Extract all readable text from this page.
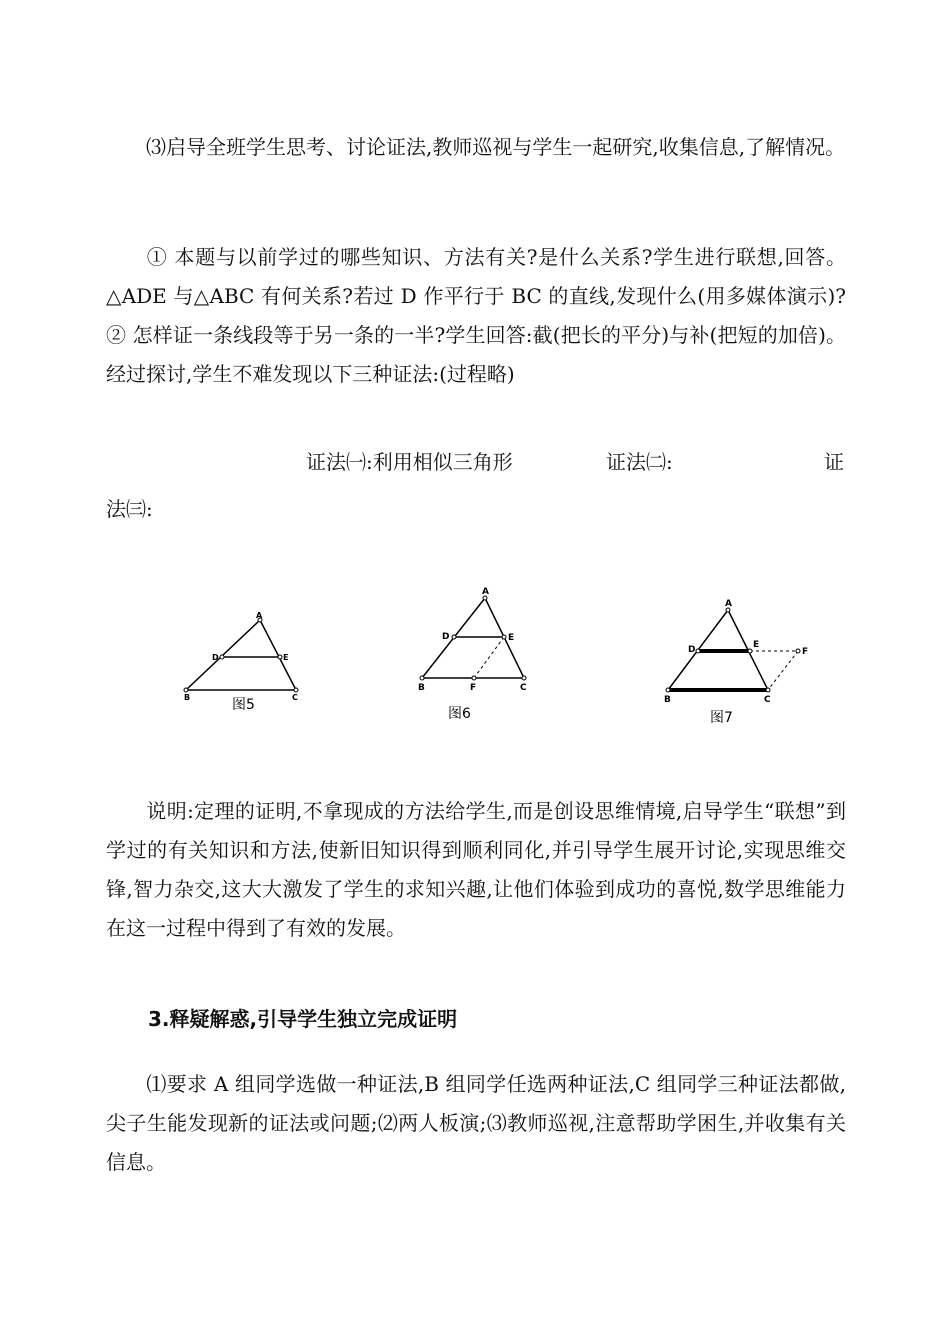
⑶启导全班学生思考、讨论证法,教师巡视与学生一起研究,收集信息,了解情况。

① 本题与以前学过的哪些知识、方法有关?是什么关系?学生进行联想,回答。△ADE 与△ABC 有何关系?若过 D 作平行于 BC 的直线,发现什么(用多媒体演示)?② 怎样证一条线段等于另一条的一半?学生回答:截(把长的平分)与补(把短的加倍)。经过探讨,学生不难发现以下三种证法:(过程略)

证法㈠:利用相似三角形	证法㈡:	证
法㈢:
A
D	E
B	C
图5
A
D	E
B	F	C
图6
A
D	E
F
B	C
图7

说明:定理的证明,不拿现成的方法给学生,而是创设思维情境,启导学生“联想”到学过的有关知识和方法,使新旧知识得到顺利同化,并引导学生展开讨论,实现思维交锋,智力杂交,这大大激发了学生的求知兴趣,让他们体验到成功的喜悦,数学思维能力在这一过程中得到了有效的发展。

3.释疑解惑,引导学生独立完成证明

⑴要求 A 组同学选做一种证法,B 组同学任选两种证法,C 组同学三种证法都做,尖子生能发现新的证法或问题;⑵两人板演;⑶教师巡视,注意帮助学困生,并收集有关信息。
